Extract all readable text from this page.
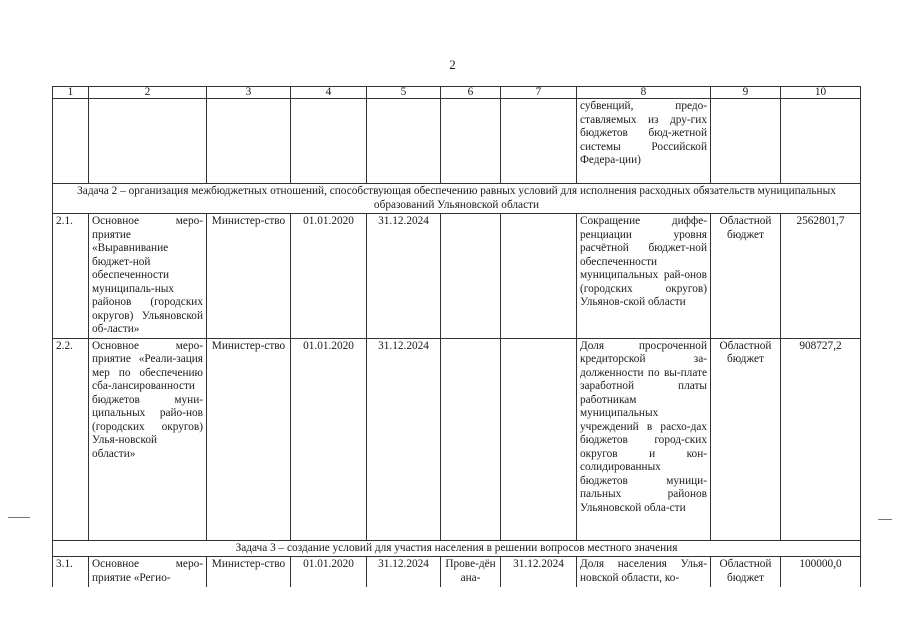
2
1	2	3	4	5	6	7	8	9	10
							субвенций, предо-ставляемых из дру-гих бюджетов бюд-жетной системы Российской Федера-ции)		
Задача 2 – организация межбюджетных отношений, способствующая обеспечению равных условий для исполнения расходных обязательств муниципальных образований Ульяновской области									
2.1.	Основное меро-приятие «Выравнивание бюджет-ной обеспеченности муниципаль-ных районов (городских округов) Ульяновской об-ласти»	Министер-ство	01.01.2020	31.12.2024			Сокращение диффе-ренциации уровня расчётной бюджет-ной обеспеченности муниципальных рай-онов (городских округов) Ульянов-ской области	Областной бюджет	2562801,7
2.2.	Основное меро-приятие «Реали-зация мер по обеспечению сба-лансированности бюджетов муни-ципальных райо-нов (городских округов) Улья-новской области»	Министер-ство	01.01.2020	31.12.2024			Доля просроченной кредиторской за-долженности по вы-плате заработной платы работникам муниципальных учреждений в расхо-дах бюджетов город-ских округов и кон-солидированных бюджетов муници-пальных районов Ульяновской обла-сти	Областной бюджет	908727,2
Задача 3 – создание условий для участия населения в решении вопросов местного значения									
3.1.	Основное меро-приятие «Регио-	Министер-ство	01.01.2020	31.12.2024	Прове-дён ана-	31.12.2024	Доля населения Улья-новской области, ко-	Областной бюджет	100000,0
